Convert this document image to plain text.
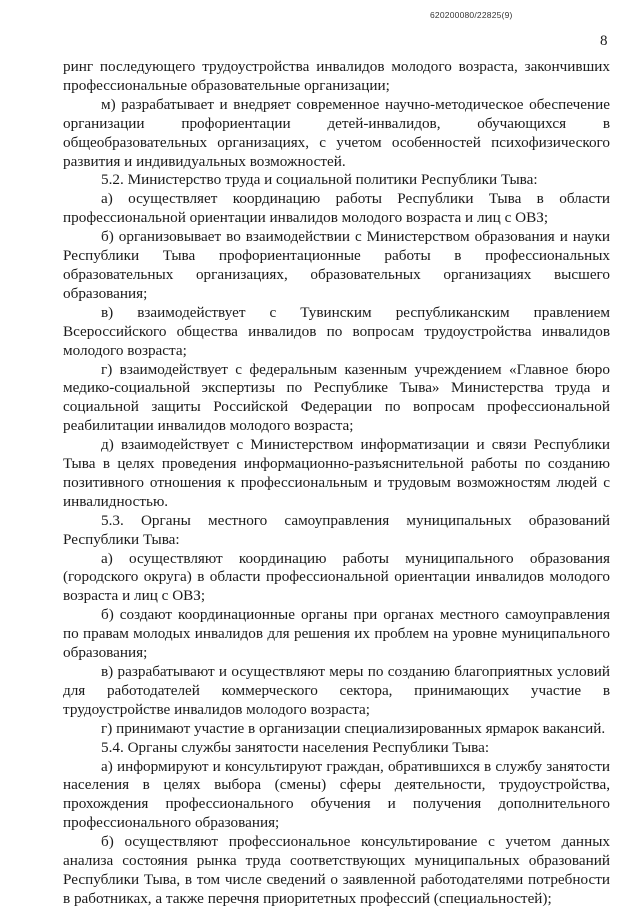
620200080/22825(9)
8

ринг последующего трудоустройства инвалидов молодого возраста, закончивших профессиональные образовательные организации;

м) разрабатывает и внедряет современное научно-методическое обеспечение организации профориентации детей-инвалидов, обучающихся в общеобразовательных организациях, с учетом особенностей психофизического развития и индивидуальных возможностей.

5.2. Министерство труда и социальной политики Республики Тыва:

а) осуществляет координацию работы Республики Тыва в области профессиональной ориентации инвалидов молодого возраста и лиц с ОВЗ;

б) организовывает во взаимодействии с Министерством образования и науки Республики Тыва профориентационные работы в профессиональных образовательных организациях, образовательных организациях высшего образования;

в) взаимодействует с Тувинским республиканским правлением Всероссийского общества инвалидов по вопросам трудоустройства инвалидов молодого возраста;

г) взаимодействует с федеральным казенным учреждением «Главное бюро медико-социальной экспертизы по Республике Тыва» Министерства труда и социальной защиты Российской Федерации по вопросам профессиональной реабилитации инвалидов молодого возраста;

д) взаимодействует с Министерством информатизации и связи Республики Тыва в целях проведения информационно-разъяснительной работы по созданию позитивного отношения к профессиональным и трудовым возможностям людей с инвалидностью.

5.3. Органы местного самоуправления муниципальных образований Республики Тыва:

а) осуществляют координацию работы муниципального образования (городского округа) в области профессиональной ориентации инвалидов молодого возраста и лиц с ОВЗ;

б) создают координационные органы при органах местного самоуправления по правам молодых инвалидов для решения их проблем на уровне муниципального образования;

в) разрабатывают и осуществляют меры по созданию благоприятных условий для работодателей коммерческого сектора, принимающих участие в трудоустройстве инвалидов молодого возраста;

г) принимают участие в организации специализированных ярмарок вакансий.

5.4. Органы службы занятости населения Республики Тыва:

а) информируют и консультируют граждан, обратившихся в службу занятости населения в целях выбора (смены) сферы деятельности, трудоустройства, прохождения профессионального обучения и получения дополнительного профессионального образования;

б) осуществляют профессиональное консультирование с учетом данных анализа состояния рынка труда соответствующих муниципальных образований Республики Тыва, в том числе сведений о заявленной работодателями потребности в работниках, а также перечня приоритетных профессий (специальностей);
